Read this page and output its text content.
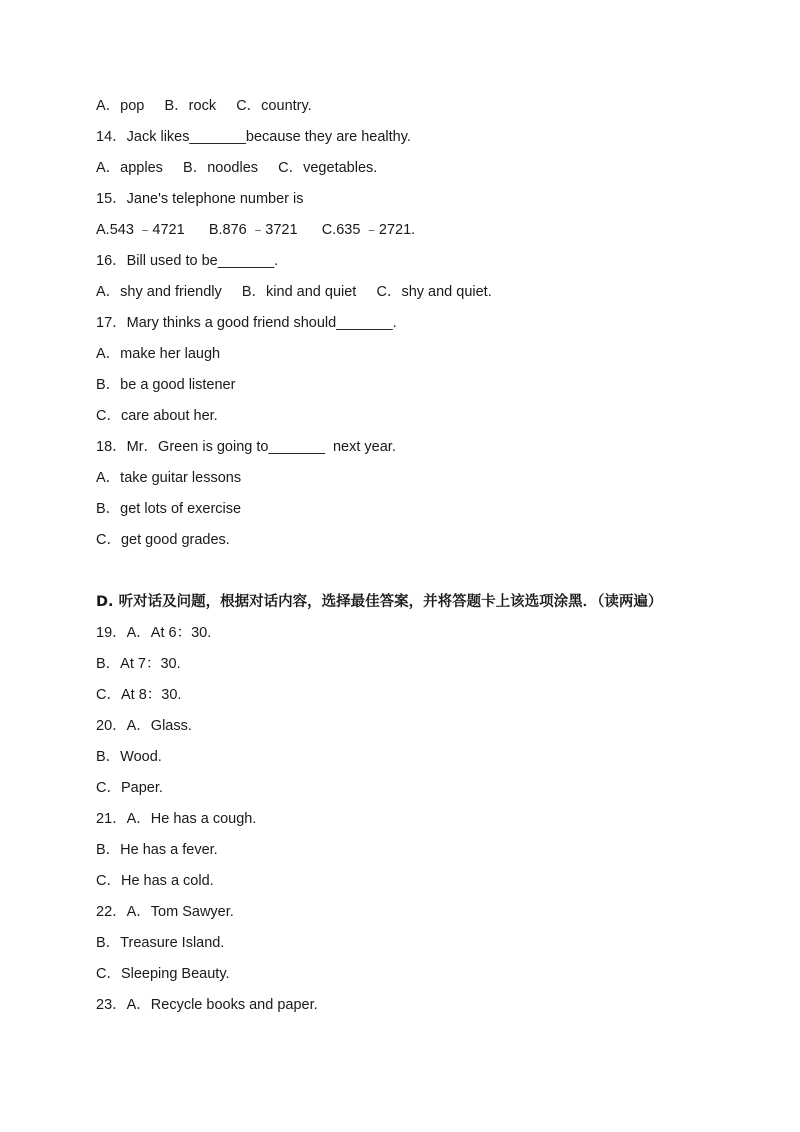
A．pop     B．rock     C．country.
14．Jack likes_______because they are healthy.
A．apples     B．noodles     C．vegetables.
15．Jane's telephone number is
A.543 ﹣4721      B.876 ﹣3721      C.635 ﹣2721.
16．Bill used to be_______.
A．shy and friendly     B．kind and quiet     C．shy and quiet.
17．Mary thinks a good friend should_______.
A．make her laugh
B．be a good listener
C．care about her.
18．Mr．Green is going to_______  next year.
A．take guitar lessons
B．get lots of exercise
C．get good grades.
D. 听对话及问题，根据对话内容，选择最佳答案，并将答题卡上该选项涂黑．（读两遍）
19．A．At 6：30.
B．At 7：30.
C．At 8：30.
20．A．Glass.
B．Wood.
C．Paper.
21．A．He has a cough.
B．He has a fever.
C．He has a cold.
22．A．Tom Sawyer.
B．Treasure Island.
C．Sleeping Beauty.
23．A．Recycle books and paper.
